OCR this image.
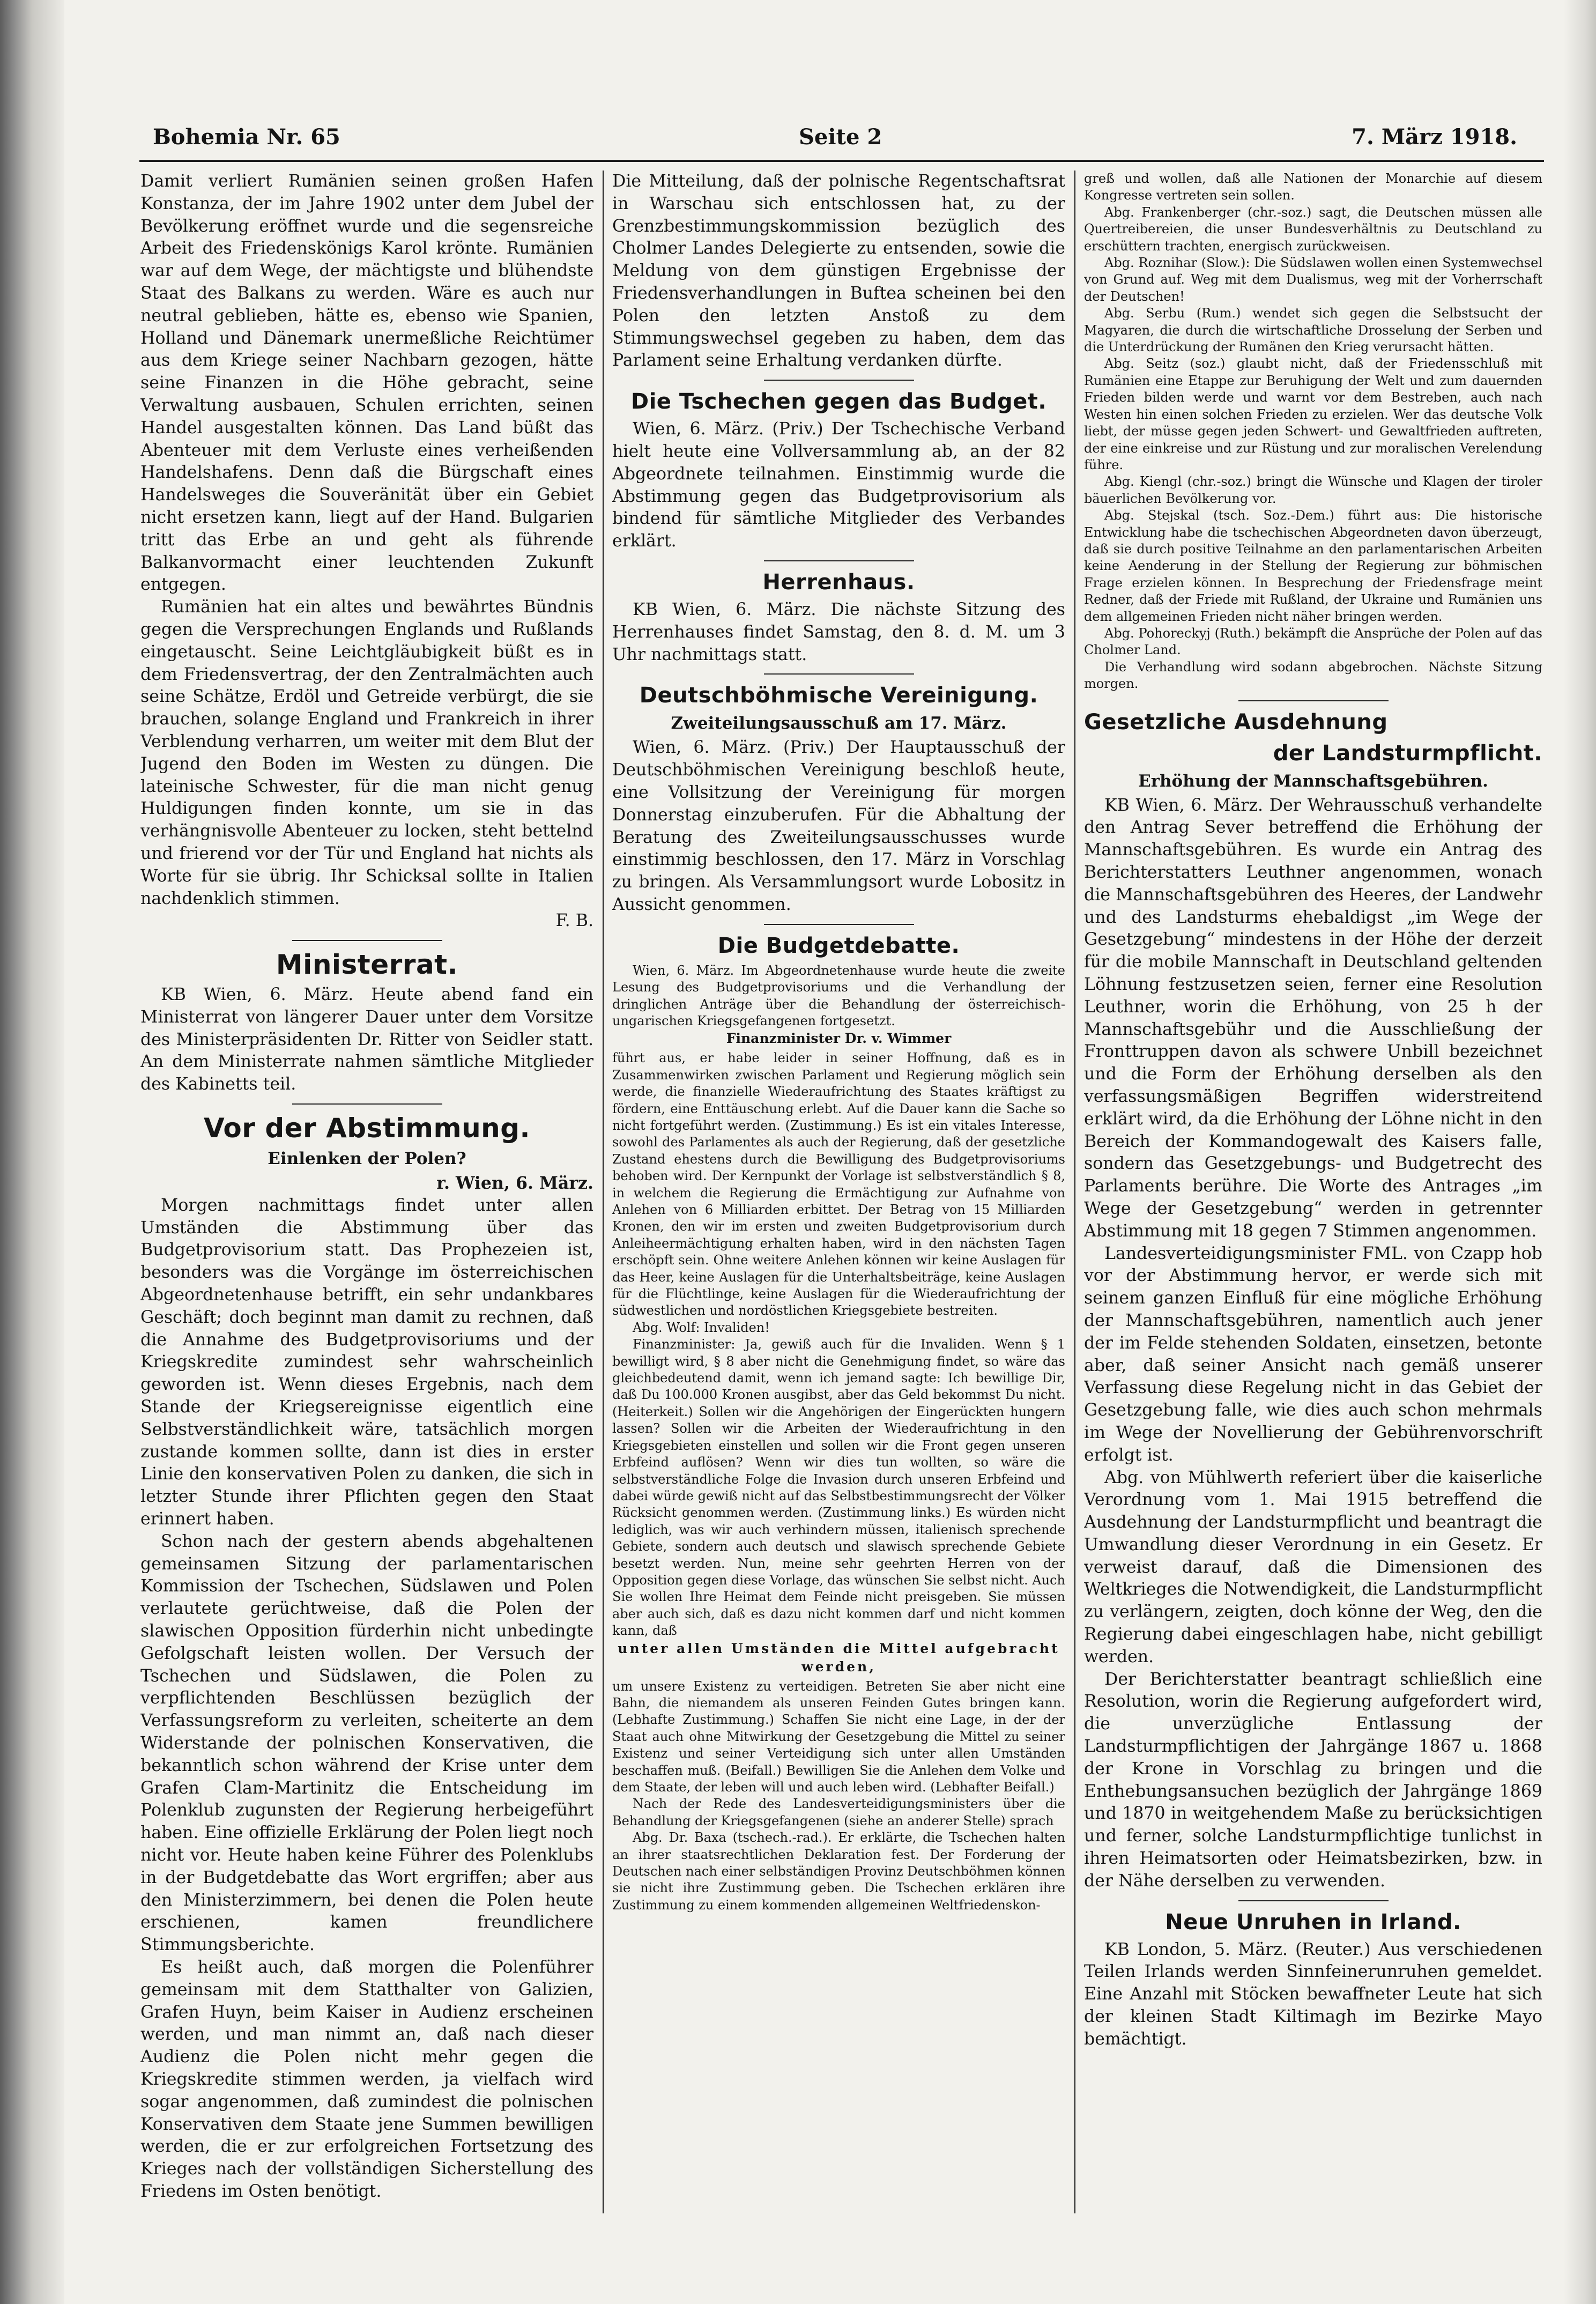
Bohemia Nr. 65	Seite 2	7. März 1918.

Damit verliert Rumänien seinen großen Hafen Konstanza, der im Jahre 1902 unter dem Jubel der Bevölkerung eröffnet wurde und die segensreiche Arbeit des Friedenskönigs Karol krönte. Rumänien war auf dem Wege, der mächtigste und blühendste Staat des Balkans zu werden. Wäre es auch nur neutral geblieben, hätte es, ebenso wie Spanien, Holland und Dänemark unermeßliche Reichtümer aus dem Kriege seiner Nachbarn gezogen, hätte seine Finanzen in die Höhe gebracht, seine Verwaltung ausbauen, Schulen errichten, seinen Handel ausgestalten können. Das Land büßt das Abenteuer mit dem Verluste eines verheißenden Handelshafens. Denn daß die Bürgschaft eines Handelsweges die Souveränität über ein Gebiet nicht ersetzen kann, liegt auf der Hand. Bulgarien tritt das Erbe an und geht als führende Balkanvormacht einer leuchtenden Zukunft entgegen.

Rumänien hat ein altes und bewährtes Bündnis gegen die Versprechungen Englands und Rußlands eingetauscht. Seine Leichtgläubigkeit büßt es in dem Friedensvertrag, der den Zentralmächten auch seine Schätze, Erdöl und Getreide verbürgt, die sie brauchen, solange England und Frankreich in ihrer Verblendung verharren, um weiter mit dem Blut der Jugend den Boden im Westen zu düngen. Die lateinische Schwester, für die man nicht genug Huldigungen finden konnte, um sie in das verhängnisvolle Abenteuer zu locken, steht bettelnd und frierend vor der Tür und England hat nichts als Worte für sie übrig. Ihr Schicksal sollte in Italien nachdenklich stimmen.

F. B.

Ministerrat.

KB Wien, 6. März. Heute abend fand ein Ministerrat von längerer Dauer unter dem Vorsitze des Ministerpräsidenten Dr. Ritter von Seidler statt. An dem Ministerrate nahmen sämtliche Mitglieder des Kabinetts teil.

Vor der Abstimmung.
Einlenken der Polen?

r. Wien, 6. März.

Morgen nachmittags findet unter allen Umständen die Abstimmung über das Budgetprovisorium statt. Das Prophezeien ist, besonders was die Vorgänge im österreichischen Abgeordnetenhause betrifft, ein sehr undankbares Geschäft; doch beginnt man damit zu rechnen, daß die Annahme des Budgetprovisoriums und der Kriegskredite zumindest sehr wahrscheinlich geworden ist. Wenn dieses Ergebnis, nach dem Stande der Kriegsereignisse eigentlich eine Selbstverständlichkeit wäre, tatsächlich morgen zustande kommen sollte, dann ist dies in erster Linie den konservativen Polen zu danken, die sich in letzter Stunde ihrer Pflichten gegen den Staat erinnert haben.

Schon nach der gestern abends abgehaltenen gemeinsamen Sitzung der parlamentarischen Kommission der Tschechen, Südslawen und Polen verlautete gerüchtweise, daß die Polen der slawischen Opposition fürderhin nicht unbedingte Gefolgschaft leisten wollen. Der Versuch der Tschechen und Südslawen, die Polen zu verpflichtenden Beschlüssen bezüglich der Verfassungsreform zu verleiten, scheiterte an dem Widerstande der polnischen Konservativen, die bekanntlich schon während der Krise unter dem Grafen Clam-Martinitz die Entscheidung im Polenklub zugunsten der Regierung herbeigeführt haben. Eine offizielle Erklärung der Polen liegt noch nicht vor. Heute haben keine Führer des Polenklubs in der Budgetdebatte das Wort ergriffen; aber aus den Ministerzimmern, bei denen die Polen heute erschienen, kamen freundlichere Stimmungsberichte.

Es heißt auch, daß morgen die Polenführer gemeinsam mit dem Statthalter von Galizien, Grafen Huyn, beim Kaiser in Audienz erscheinen werden, und man nimmt an, daß nach dieser Audienz die Polen nicht mehr gegen die Kriegskredite stimmen werden, ja vielfach wird sogar angenommen, daß zumindest die polnischen Konservativen dem Staate jene Summen bewilligen werden, die er zur erfolgreichen Fortsetzung des Krieges nach der vollständigen Sicherstellung des Friedens im Osten benötigt.

Die Mitteilung, daß der polnische Regentschaftsrat in Warschau sich entschlossen hat, zu der Grenzbestimmungskommission bezüglich des Cholmer Landes Delegierte zu entsenden, sowie die Meldung von dem günstigen Ergebnisse der Friedensverhandlungen in Buftea scheinen bei den Polen den letzten Anstoß zu dem Stimmungswechsel gegeben zu haben, dem das Parlament seine Erhaltung verdanken dürfte.

Die Tschechen gegen das Budget.

Wien, 6. März. (Priv.) Der Tschechische Verband hielt heute eine Vollversammlung ab, an der 82 Abgeordnete teilnahmen. Einstimmig wurde die Abstimmung gegen das Budgetprovisorium als bindend für sämtliche Mitglieder des Verbandes erklärt.

Herrenhaus.

KB Wien, 6. März. Die nächste Sitzung des Herrenhauses findet Samstag, den 8. d. M. um 3 Uhr nachmittags statt.

Deutschböhmische Vereinigung.
Zweiteilungsausschuß am 17. März.

Wien, 6. März. (Priv.) Der Hauptausschuß der Deutschböhmischen Vereinigung beschloß heute, eine Vollsitzung der Vereinigung für morgen Donnerstag einzuberufen. Für die Abhaltung der Beratung des Zweiteilungsausschusses wurde einstimmig beschlossen, den 17. März in Vorschlag zu bringen. Als Versammlungsort wurde Lobositz in Aussicht genommen.

Die Budgetdebatte.

Wien, 6. März. Im Abgeordnetenhause wurde heute die zweite Lesung des Budgetprovisoriums und die Verhandlung der dringlichen Anträge über die Behandlung der österreichisch-ungarischen Kriegsgefangenen fortgesetzt.

Finanzminister Dr. v. Wimmer

führt aus, er habe leider in seiner Hoffnung, daß es in Zusammenwirken zwischen Parlament und Regierung möglich sein werde, die finanzielle Wiederaufrichtung des Staates kräftigst zu fördern, eine Enttäuschung erlebt. Auf die Dauer kann die Sache so nicht fortgeführt werden. (Zustimmung.) Es ist ein vitales Interesse, sowohl des Parlamentes als auch der Regierung, daß der gesetzliche Zustand ehestens durch die Bewilligung des Budgetprovisoriums behoben wird. Der Kernpunkt der Vorlage ist selbstverständlich § 8, in welchem die Regierung die Ermächtigung zur Aufnahme von Anlehen von 6 Milliarden erbittet. Der Betrag von 15 Milliarden Kronen, den wir im ersten und zweiten Budgetprovisorium durch Anleiheermächtigung erhalten haben, wird in den nächsten Tagen erschöpft sein. Ohne weitere Anlehen können wir keine Auslagen für das Heer, keine Auslagen für die Unterhaltsbeiträge, keine Auslagen für die Flüchtlinge, keine Auslagen für die Wiederaufrichtung der südwestlichen und nordöstlichen Kriegsgebiete bestreiten.

Abg. Wolf: Invaliden!

Finanzminister: Ja, gewiß auch für die Invaliden. Wenn § 1 bewilligt wird, § 8 aber nicht die Genehmigung findet, so wäre das gleichbedeutend damit, wenn ich jemand sagte: Ich bewillige Dir, daß Du 100.000 Kronen ausgibst, aber das Geld bekommst Du nicht. (Heiterkeit.) Sollen wir die Angehörigen der Eingerückten hungern lassen? Sollen wir die Arbeiten der Wiederaufrichtung in den Kriegsgebieten einstellen und sollen wir die Front gegen unseren Erbfeind auflösen? Wenn wir dies tun wollten, so wäre die selbstverständliche Folge die Invasion durch unseren Erbfeind und dabei würde gewiß nicht auf das Selbstbestimmungsrecht der Völker Rücksicht genommen werden. (Zustimmung links.) Es würden nicht lediglich, was wir auch verhindern müssen, italienisch sprechende Gebiete, sondern auch deutsch und slawisch sprechende Gebiete besetzt werden. Nun, meine sehr geehrten Herren von der Opposition gegen diese Vorlage, das wünschen Sie selbst nicht. Auch Sie wollen Ihre Heimat dem Feinde nicht preisgeben. Sie müssen aber auch sich, daß es dazu nicht kommen darf und nicht kommen kann, daß

unter allen Umständen die Mittel aufgebracht werden,

um unsere Existenz zu verteidigen. Betreten Sie aber nicht eine Bahn, die niemandem als unseren Feinden Gutes bringen kann. (Lebhafte Zustimmung.) Schaffen Sie nicht eine Lage, in der der Staat auch ohne Mitwirkung der Gesetzgebung die Mittel zu seiner Existenz und seiner Verteidigung sich unter allen Umständen beschaffen muß. (Beifall.) Bewilligen Sie die Anlehen dem Volke und dem Staate, der leben will und auch leben wird. (Lebhafter Beifall.)

Nach der Rede des Landesverteidigungsministers über die Behandlung der Kriegsgefangenen (siehe an anderer Stelle) sprach

Abg. Dr. Baxa (tschech.-rad.). Er erklärte, die Tschechen halten an ihrer staatsrechtlichen Deklaration fest. Der Forderung der Deutschen nach einer selbständigen Provinz Deutschböhmen können sie nicht ihre Zustimmung geben. Die Tschechen erklären ihre Zustimmung zu einem kommenden allgemeinen Weltfriedenskon-

greß und wollen, daß alle Nationen der Monarchie auf diesem Kongresse vertreten sein sollen.

Abg. Frankenberger (chr.-soz.) sagt, die Deutschen müssen alle Quertreibereien, die unser Bundesverhältnis zu Deutschland zu erschüttern trachten, energisch zurückweisen.

Abg. Roznihar (Slow.): Die Südslawen wollen einen Systemwechsel von Grund auf. Weg mit dem Dualismus, weg mit der Vorherrschaft der Deutschen!

Abg. Serbu (Rum.) wendet sich gegen die Selbstsucht der Magyaren, die durch die wirtschaftliche Drosselung der Serben und die Unterdrückung der Rumänen den Krieg verursacht hätten.

Abg. Seitz (soz.) glaubt nicht, daß der Friedensschluß mit Rumänien eine Etappe zur Beruhigung der Welt und zum dauernden Frieden bilden werde und warnt vor dem Bestreben, auch nach Westen hin einen solchen Frieden zu erzielen. Wer das deutsche Volk liebt, der müsse gegen jeden Schwert- und Gewaltfrieden auftreten, der eine einkreise und zur Rüstung und zur moralischen Verelendung führe.

Abg. Kiengl (chr.-soz.) bringt die Wünsche und Klagen der tiroler bäuerlichen Bevölkerung vor.

Abg. Stejskal (tsch. Soz.-Dem.) führt aus: Die historische Entwicklung habe die tschechischen Abgeordneten davon überzeugt, daß sie durch positive Teilnahme an den parlamentarischen Arbeiten keine Aenderung in der Stellung der Regierung zur böhmischen Frage erzielen können. In Besprechung der Friedensfrage meint Redner, daß der Friede mit Rußland, der Ukraine und Rumänien uns dem allgemeinen Frieden nicht näher bringen werden.

Abg. Pohoreckyj (Ruth.) bekämpft die Ansprüche der Polen auf das Cholmer Land.

Die Verhandlung wird sodann abgebrochen. Nächste Sitzung morgen.

Gesetzliche Ausdehnung
der Landsturmpflicht.
Erhöhung der Mannschaftsgebühren.

KB Wien, 6. März. Der Wehrausschuß verhandelte den Antrag Sever betreffend die Erhöhung der Mannschaftsgebühren. Es wurde ein Antrag des Berichterstatters Leuthner angenommen, wonach die Mannschaftsgebühren des Heeres, der Landwehr und des Landsturms ehebaldigst „im Wege der Gesetzgebung“ mindestens in der Höhe der derzeit für die mobile Mannschaft in Deutschland geltenden Löhnung festzusetzen seien, ferner eine Resolution Leuthner, worin die Erhöhung, von 25 h der Mannschaftsgebühr und die Ausschließung der Fronttruppen davon als schwere Unbill bezeichnet und die Form der Erhöhung derselben als den verfassungsmäßigen Begriffen widerstreitend erklärt wird, da die Erhöhung der Löhne nicht in den Bereich der Kommandogewalt des Kaisers falle, sondern das Gesetzgebungs- und Budgetrecht des Parlaments berühre. Die Worte des Antrages „im Wege der Gesetzgebung“ werden in getrennter Abstimmung mit 18 gegen 7 Stimmen angenommen.

Landesverteidigungsminister FML. von Czapp hob vor der Abstimmung hervor, er werde sich mit seinem ganzen Einfluß für eine mögliche Erhöhung der Mannschaftsgebühren, namentlich auch jener der im Felde stehenden Soldaten, einsetzen, betonte aber, daß seiner Ansicht nach gemäß unserer Verfassung diese Regelung nicht in das Gebiet der Gesetzgebung falle, wie dies auch schon mehrmals im Wege der Novellierung der Gebührenvorschrift erfolgt ist.

Abg. von Mühlwerth referiert über die kaiserliche Verordnung vom 1. Mai 1915 betreffend die Ausdehnung der Landsturmpflicht und beantragt die Umwandlung dieser Verordnung in ein Gesetz. Er verweist darauf, daß die Dimensionen des Weltkrieges die Notwendigkeit, die Landsturmpflicht zu verlängern, zeigten, doch könne der Weg, den die Regierung dabei eingeschlagen habe, nicht gebilligt werden.

Der Berichterstatter beantragt schließlich eine Resolution, worin die Regierung aufgefordert wird, die unverzügliche Entlassung der Landsturmpflichtigen der Jahrgänge 1867 u. 1868 der Krone in Vorschlag zu bringen und die Enthebungsansuchen bezüglich der Jahrgänge 1869 und 1870 in weitgehendem Maße zu berücksichtigen und ferner, solche Landsturmpflichtige tunlichst in ihren Heimatsorten oder Heimatsbezirken, bzw. in der Nähe derselben zu verwenden.

Neue Unruhen in Irland.

KB London, 5. März. (Reuter.) Aus verschiedenen Teilen Irlands werden Sinnfeinerunruhen gemeldet. Eine Anzahl mit Stöcken bewaffneter Leute hat sich der kleinen Stadt Kiltimagh im Bezirke Mayo bemächtigt.
